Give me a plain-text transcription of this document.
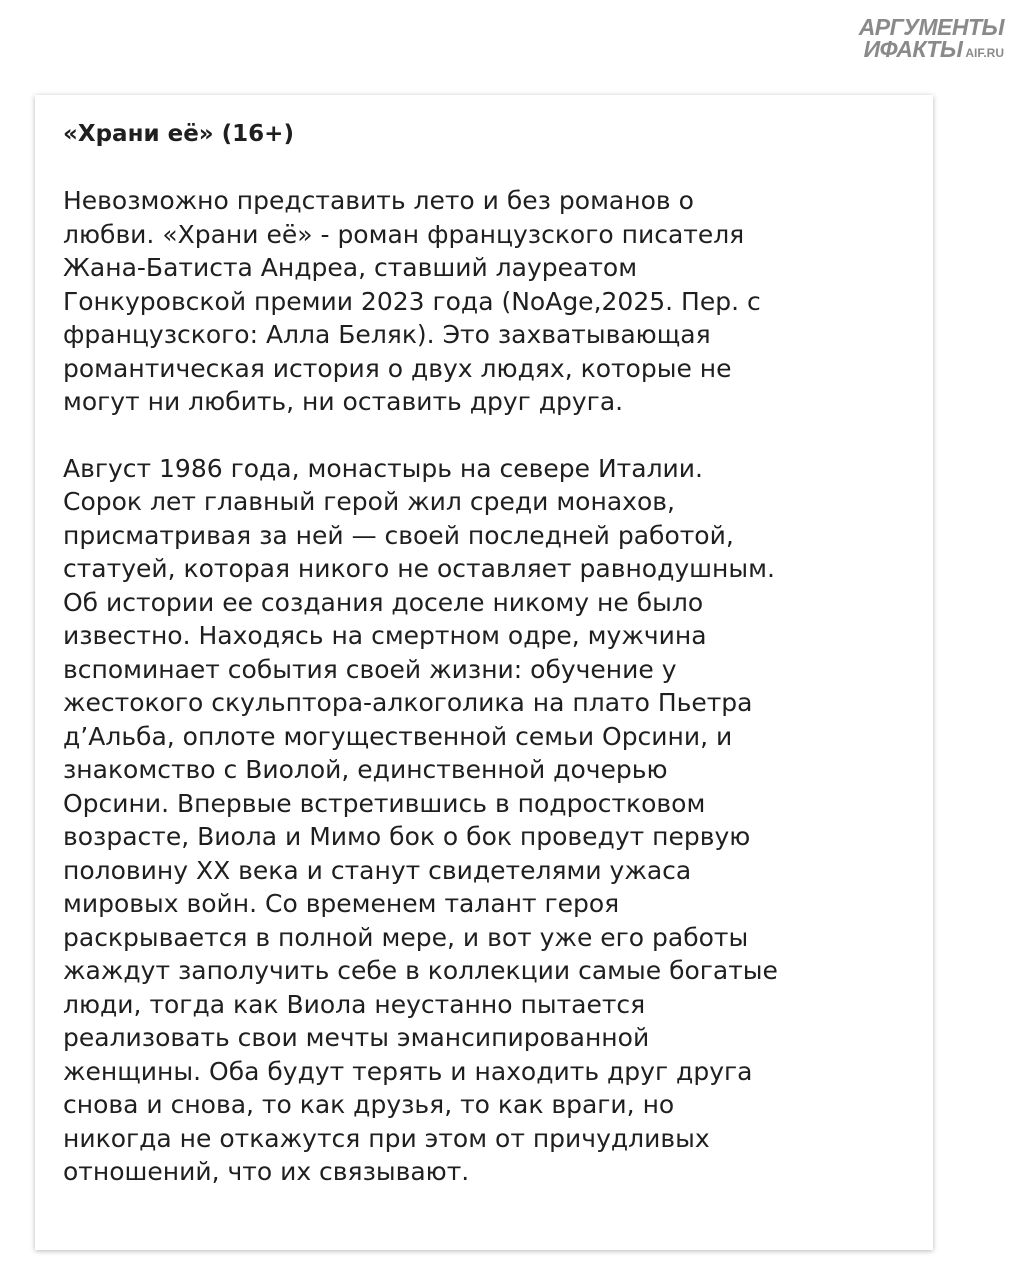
АРГУМЕНТЫ
ИФАКТЫ AIF.RU
«Храни её» (16+)

Невозможно представить лето и без романов о
любви. «Храни её» - роман французского писателя
Жана-Батиста Андреа, ставший лауреатом
Гонкуровской премии 2023 года (NoAge,2025. Пер. с
французского: Алла Беляк). Это захватывающая
романтическая история о двух людях, которые не
могут ни любить, ни оставить друг друга.

Август 1986 года, монастырь на севере Италии.
Сорок лет главный герой жил среди монахов,
присматривая за ней — своей последней работой,
статуей, которая никого не оставляет равнодушным.
Об истории ее создания доселе никому не было
известно. Находясь на смертном одре, мужчина
вспоминает события своей жизни: обучение у
жестокого скульптора-алкоголика на плато Пьетра
д’Альба, оплоте могущественной семьи Орсини, и
знакомство с Виолой, единственной дочерью
Орсини. Впервые встретившись в подростковом
возрасте, Виола и Мимо бок о бок проведут первую
половину ХХ века и станут свидетелями ужаса
мировых войн. Со временем талант героя
раскрывается в полной мере, и вот уже его работы
жаждут заполучить себе в коллекции самые богатые
люди, тогда как Виола неустанно пытается
реализовать свои мечты эмансипированной
женщины. Оба будут терять и находить друг друга
снова и снова, то как друзья, то как враги, но
никогда не откажутся при этом от причудливых
отношений, что их связывают.
